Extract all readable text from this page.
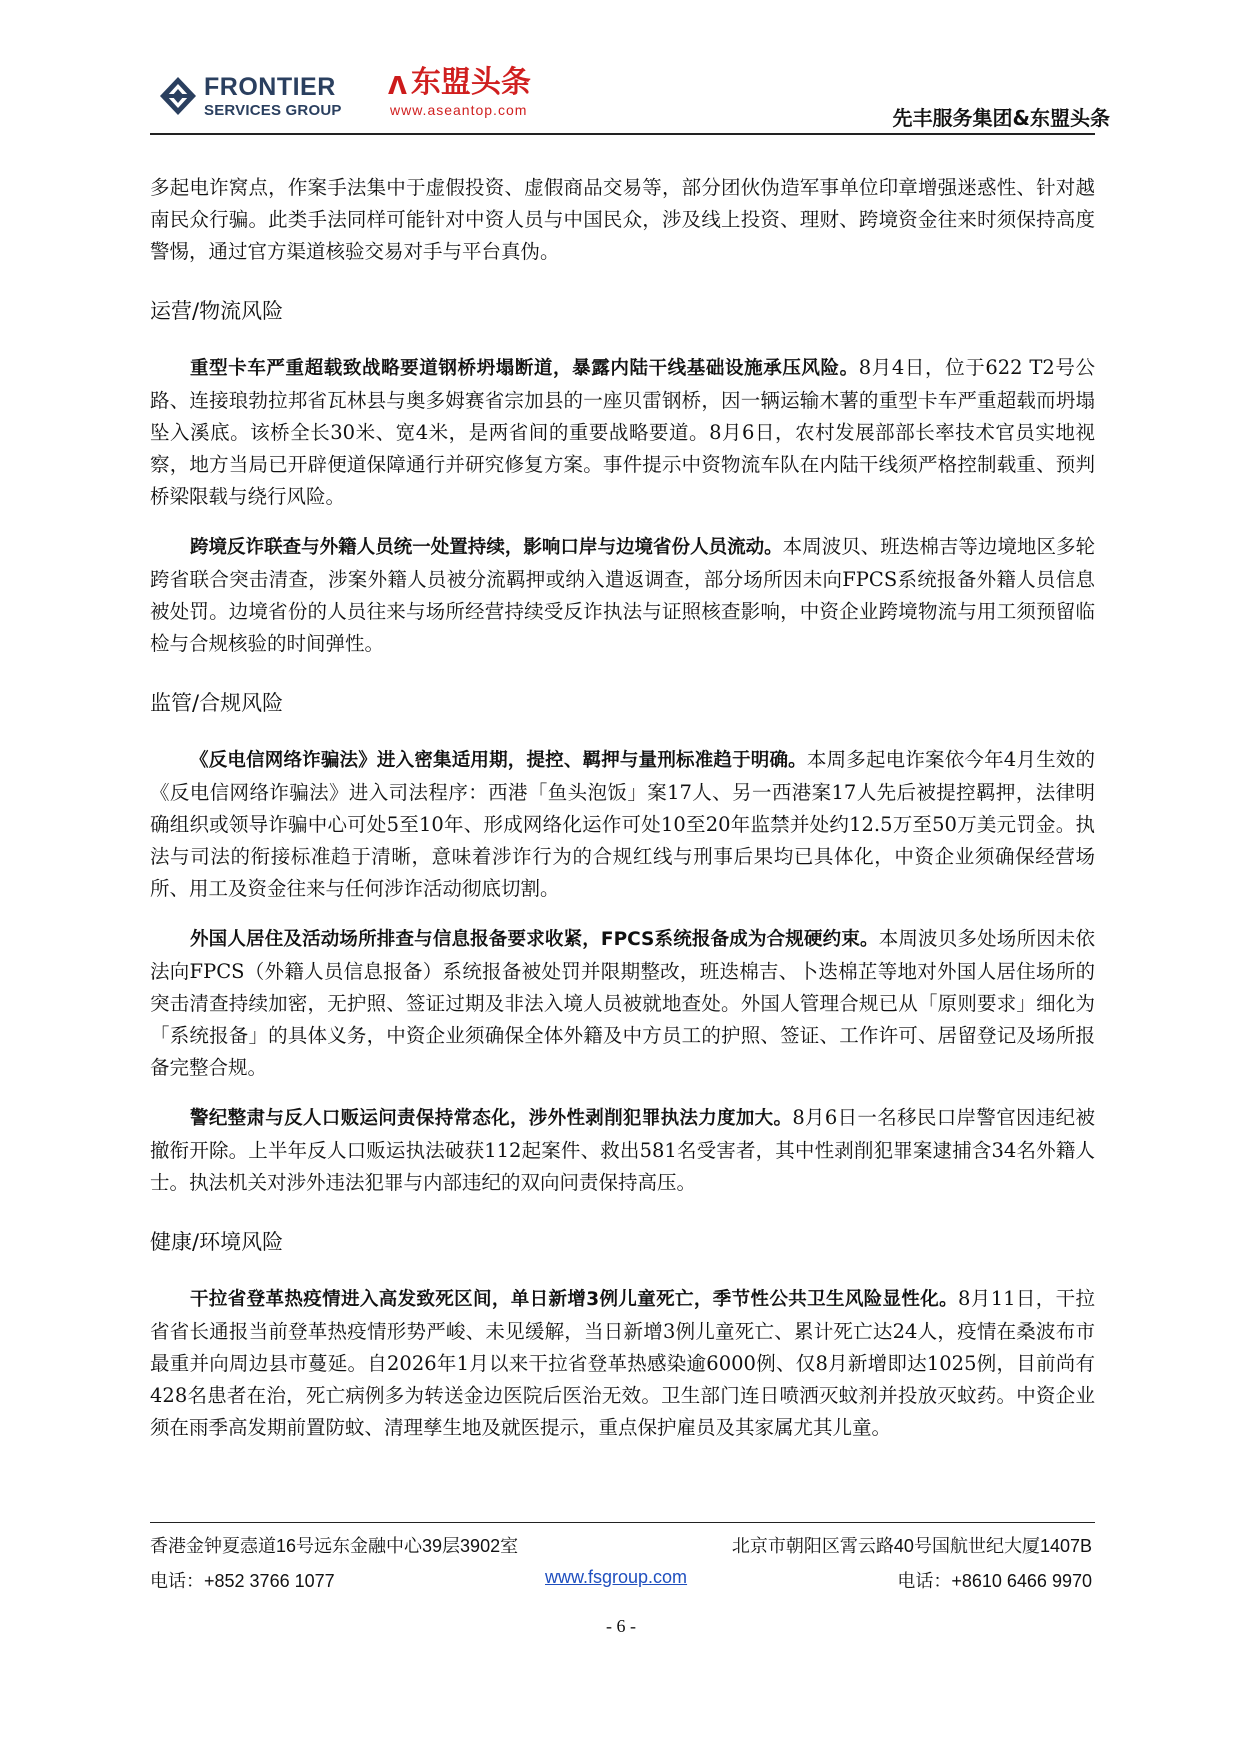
FRONTIER
SERVICES GROUP
ʌ 东盟头条
www.aseantop.com	先丰服务集团&东盟头条

多起电诈窝点，作案手法集中于虚假投资、虚假商品交易等，部分团伙伪造军事单位印章增强迷惑性、针对越南民众行骗。此类手法同样可能针对中资人员与中国民众，涉及线上投资、理财、跨境资金往来时须保持高度警惕，通过官方渠道核验交易对手与平台真伪。

运营/物流风险

重型卡车严重超载致战略要道钢桥坍塌断道，暴露内陆干线基础设施承压风险。8月4日，位于622 T2号公路、连接琅勃拉邦省瓦林县与奥多姆赛省宗加县的一座贝雷钢桥，因一辆运输木薯的重型卡车严重超载而坍塌坠入溪底。该桥全长30米、宽4米，是两省间的重要战略要道。8月6日，农村发展部部长率技术官员实地视察，地方当局已开辟便道保障通行并研究修复方案。事件提示中资物流车队在内陆干线须严格控制载重、预判桥梁限载与绕行风险。

跨境反诈联查与外籍人员统一处置持续，影响口岸与边境省份人员流动。本周波贝、班迭棉吉等边境地区多轮跨省联合突击清查，涉案外籍人员被分流羁押或纳入遣返调查，部分场所因未向FPCS系统报备外籍人员信息被处罚。边境省份的人员往来与场所经营持续受反诈执法与证照核查影响，中资企业跨境物流与用工须预留临检与合规核验的时间弹性。

监管/合规风险

《反电信网络诈骗法》进入密集适用期，提控、羁押与量刑标准趋于明确。本周多起电诈案依今年4月生效的《反电信网络诈骗法》进入司法程序：西港「鱼头泡饭」案17人、另一西港案17人先后被提控羁押，法律明确组织或领导诈骗中心可处5至10年、形成网络化运作可处10至20年监禁并处约12.5万至50万美元罚金。执法与司法的衔接标准趋于清晰，意味着涉诈行为的合规红线与刑事后果均已具体化，中资企业须确保经营场所、用工及资金往来与任何涉诈活动彻底切割。

外国人居住及活动场所排查与信息报备要求收紧，FPCS系统报备成为合规硬约束。本周波贝多处场所因未依法向FPCS（外籍人员信息报备）系统报备被处罚并限期整改，班迭棉吉、卜迭棉芷等地对外国人居住场所的突击清查持续加密，无护照、签证过期及非法入境人员被就地查处。外国人管理合规已从「原则要求」细化为「系统报备」的具体义务，中资企业须确保全体外籍及中方员工的护照、签证、工作许可、居留登记及场所报备完整合规。

警纪整肃与反人口贩运问责保持常态化，涉外性剥削犯罪执法力度加大。8月6日一名移民口岸警官因违纪被撤衔开除。上半年反人口贩运执法破获112起案件、救出581名受害者，其中性剥削犯罪案逮捕含34名外籍人士。执法机关对涉外违法犯罪与内部违纪的双向问责保持高压。

健康/环境风险

干拉省登革热疫情进入高发致死区间，单日新增3例儿童死亡，季节性公共卫生风险显性化。8月11日，干拉省省长通报当前登革热疫情形势严峻、未见缓解，当日新增3例儿童死亡、累计死亡达24人，疫情在桑波布市最重并向周边县市蔓延。自2026年1月以来干拉省登革热感染逾6000例、仅8月新增即达1025例，目前尚有428名患者在治，死亡病例多为转送金边医院后医治无效。卫生部门连日喷洒灭蚊剂并投放灭蚊药。中资企业须在雨季高发期前置防蚊、清理孳生地及就医提示，重点保护雇员及其家属尤其儿童。

香港金钟夏悫道16号远东金融中心39层3902室	北京市朝阳区霄云路40号国航世纪大厦1407B
电话：+852 3766 1077	www.fsgroup.com	电话：+8610 6466 9970
- 6 -
